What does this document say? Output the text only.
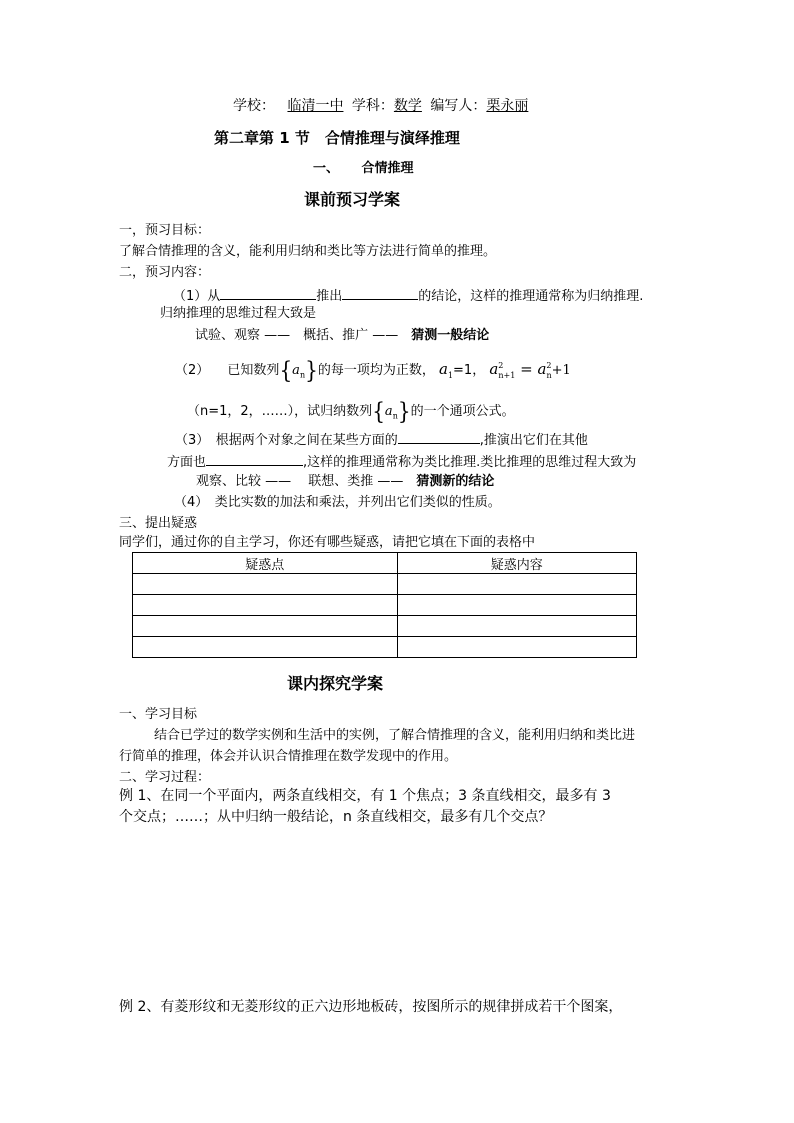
学校： 临清一中 学科：数学 编写人：栗永丽
第二章第 1 节　合情推理与演绎推理
一、 合情推理
课前预习学案
一，预习目标：
了解合情推理的含义，能利用归纳和类比等方法进行简单的推理。
二，预习内容：
（1）从	推出	的结论，这样的推理通常称为归纳推理.
归纳推理的思维过程大致是
试验、观察 ——　概括、推广 ——　猜测一般结论
（2） 已知数列$\{a_n\}$的每一项均为正数， $a_1=1$， $a^2_{n+1} = a^2_n+1$
（n=1，2，……），试归纳数列$\{a_n\}$的一个通项公式。
（3）　根据两个对象之间在某些方面的	,推演出它们在其他
方面也	,这样的推理通常称为类比推理.类比推理的思维过程大致为
观察、比较 ——　 联想、类推 ——　猜测新的结论
（4）　类比实数的加法和乘法，并列出它们类似的性质。
三、提出疑惑
同学们，通过你的自主学习，你还有哪些疑惑，请把它填在下面的表格中
疑惑点	疑惑内容

课内探究学案
一、学习目标
结合已学过的数学实例和生活中的实例，了解合情推理的含义，能利用归纳和类比进
行简单的推理，体会并认识合情推理在数学发现中的作用。
二、学习过程：
例 1、在同一个平面内，两条直线相交，有 1 个焦点；3 条直线相交，最多有 3
个交点；……；从中归纳一般结论，n 条直线相交，最多有几个交点？
例 2、有菱形纹和无菱形纹的正六边形地板砖，按图所示的规律拼成若干个图案，
